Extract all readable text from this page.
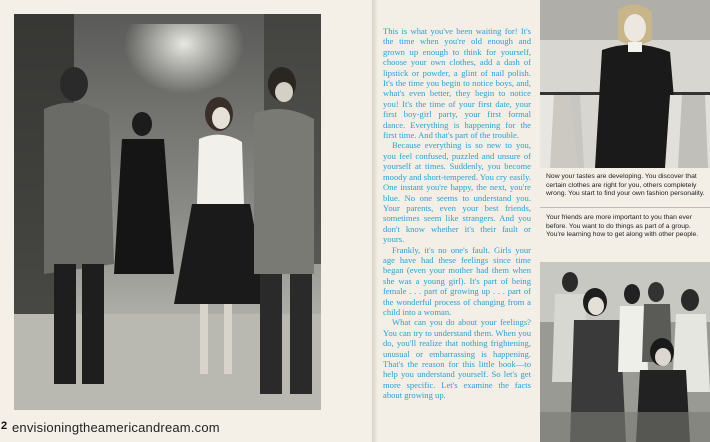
2 envisioningtheamericandream.com

This is what you've been waiting for! It's the time when you're old enough and grown up enough to think for yourself, choose your own clothes, add a dash of lipstick or powder, a glint of nail polish. It's the time you begin to notice boys, and, what's even better, they begin to notice you! It's the time of your first date, your first boy-girl party, your first formal dance. Everything is happening for the first time. And that's part of the trouble.

Because everything is so new to you, you feel confused, puzzled and unsure of yourself at times. Suddenly, you become moody and short-tempered. You cry easily. One instant you're happy, the next, you're blue. No one seems to understand you. Your parents, even your best friends, sometimes seem like strangers. And you don't know whether it's their fault or yours.

Frankly, it's no one's fault. Girls your age have had these feelings since time began (even your mother had them when she was a young girl). It's part of being female . . . part of growing up . . . part of the wonderful process of changing from a child into a woman.

What can you do about your feelings? You can try to understand them. When you do, you'll realize that nothing frightening, unusual or embarrassing is happening. That's the reason for this little book—to help you understand yourself. So let's get more specific. Let's examine the facts about growing up.

Now your tastes are developing. You discover that certain clothes are right for you, others completely wrong. You start to find your own fashion personality.
Your friends are more important to you than ever before. You want to do things as part of a group. You're learning how to get along with other people.
